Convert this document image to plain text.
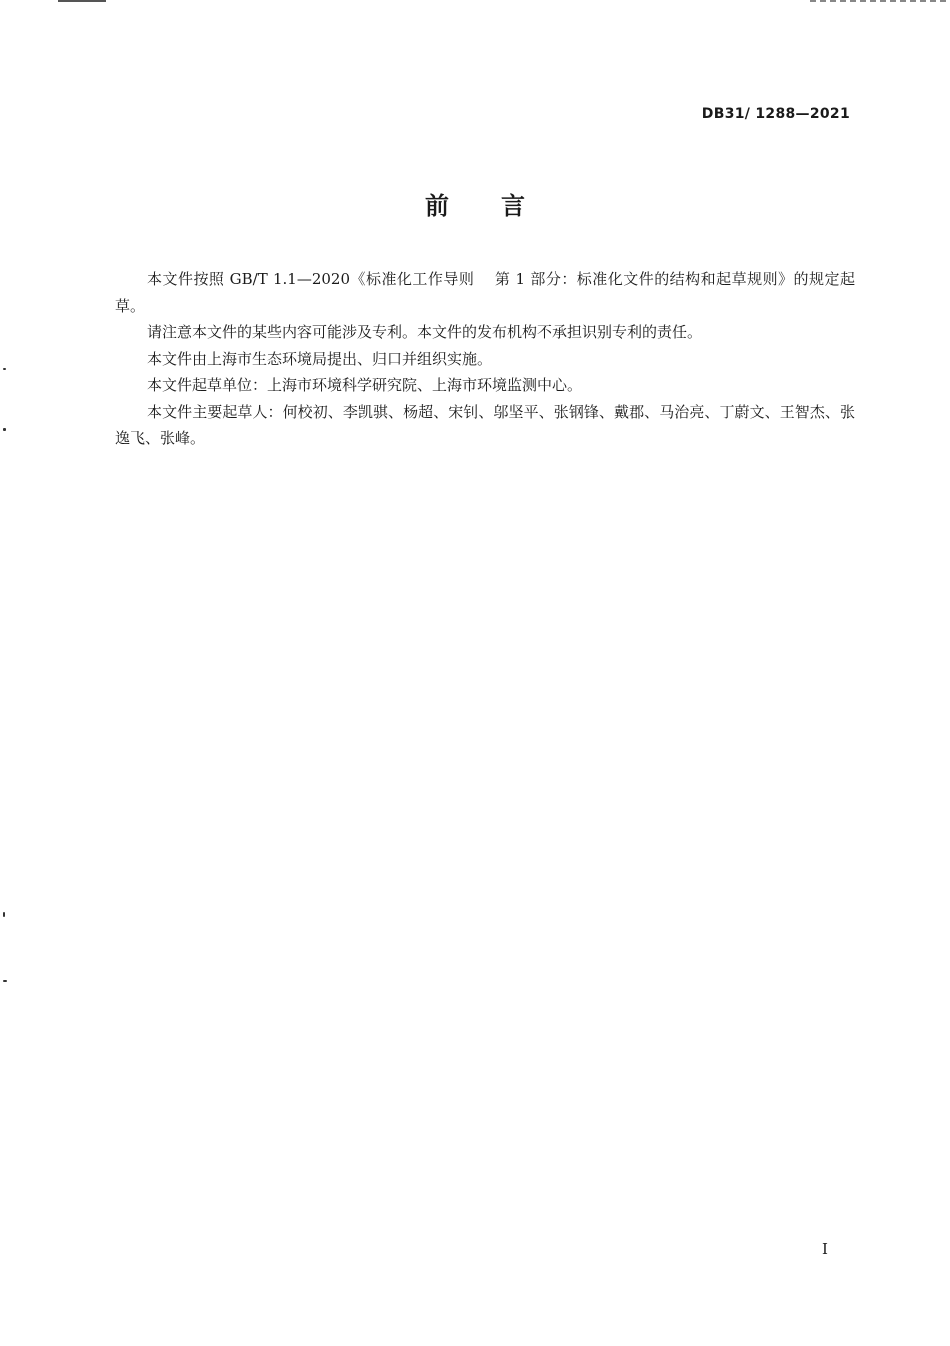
DB31/ 1288—2021
前 言

本文件按照 GB/T 1.1—2020《标准化工作导则 第 1 部分：标准化文件的结构和起草规则》的规定起草。

请注意本文件的某些内容可能涉及专利。本文件的发布机构不承担识别专利的责任。

本文件由上海市生态环境局提出、归口并组织实施。

本文件起草单位：上海市环境科学研究院、上海市环境监测中心。

本文件主要起草人：何校初、李凯骐、杨超、宋钊、邬坚平、张钢锋、戴郡、马治亮、丁蔚文、王智杰、张逸飞、张峰。

I
